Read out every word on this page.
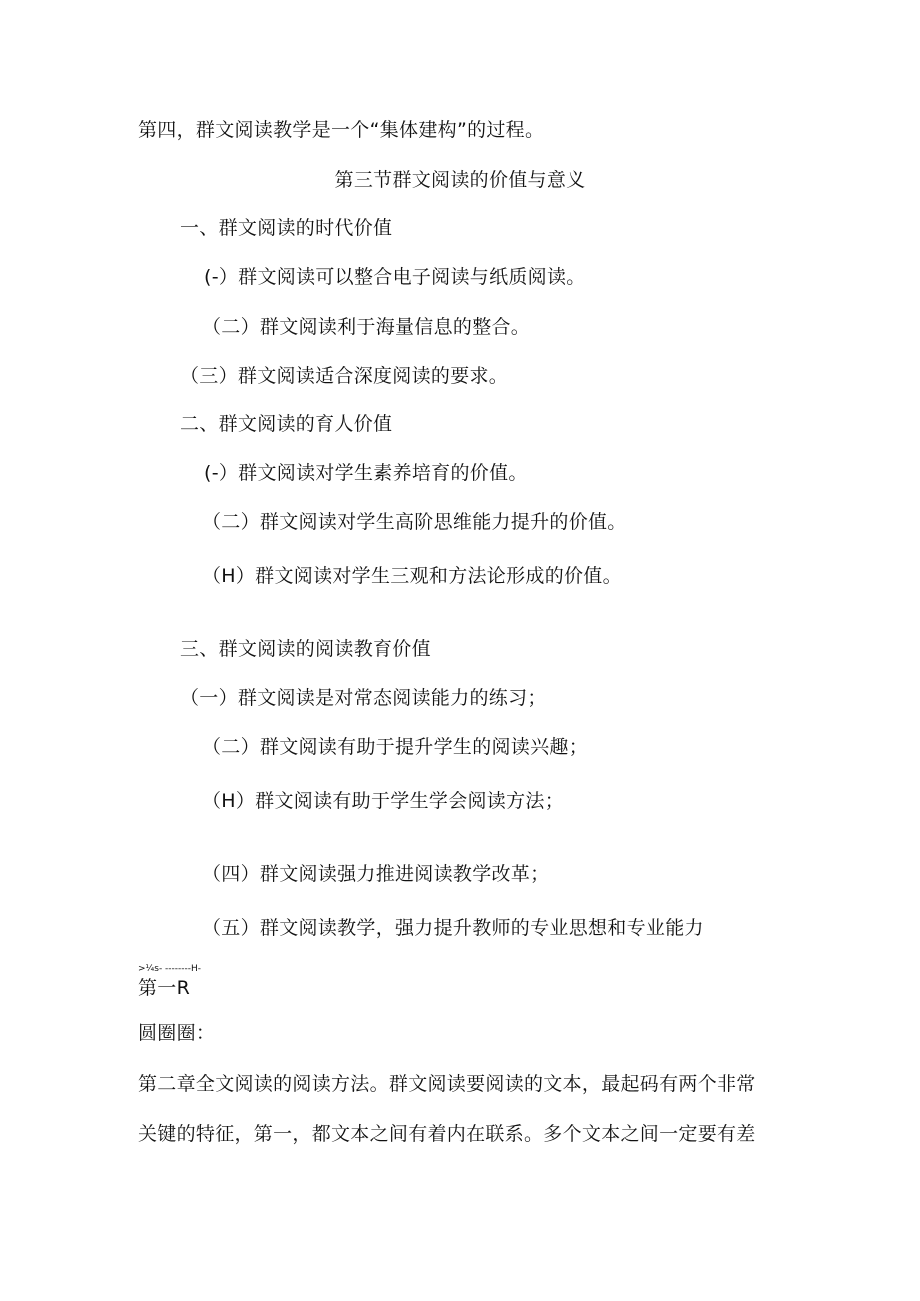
第四，群文阅读教学是一个“集体建构”的过程。
第三节群文阅读的价值与意义
一、群文阅读的时代价值
(-）群文阅读可以整合电子阅读与纸质阅读。
（二）群文阅读利于海量信息的整合。
（三）群文阅读适合深度阅读的要求。
二、群文阅读的育人价值
(-）群文阅读对学生素养培育的价值。
（二）群文阅读对学生高阶思维能力提升的价值。
（H）群文阅读对学生三观和方法论形成的价值。
三、群文阅读的阅读教育价值
（一）群文阅读是对常态阅读能力的练习；
（二）群文阅读有助于提升学生的阅读兴趣；
（H）群文阅读有助于学生学会阅读方法；
（四）群文阅读强力推进阅读教学改革；
（五）群文阅读教学，强力提升教师的专业思想和专业能力
>¼s- --------H-
第一R
圆圈圈：
第二章全文阅读的阅读方法。群文阅读要阅读的文本，最起码有两个非常
关键的特征，第一，都文本之间有着内在联系。多个文本之间一定要有差
